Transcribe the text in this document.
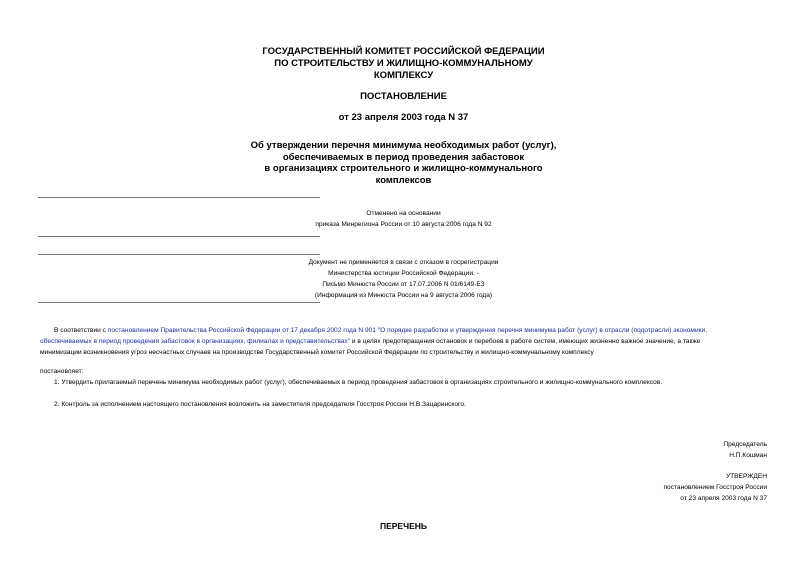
ГОСУДАРСТВЕННЫЙ КОМИТЕТ РОССИЙСКОЙ ФЕДЕРАЦИИ
ПО СТРОИТЕЛЬСТВУ И ЖИЛИЩНО-КОММУНАЛЬНОМУ
КОМПЛЕКСУ
ПОСТАНОВЛЕНИЕ
от 23 апреля 2003 года N 37
Об утверждении перечня минимума необходимых работ (услуг),
обеспечиваемых в период проведения забастовок
в организациях строительного и жилищно-коммунального
комплексов
Отменено на основании
приказа Минрегиона России от 10 августа 2006 года N 92
Документ не применяется в связи с отказом в госрегистрации
Министерства юстиции Российской Федерации. -
Письмо Минюста России от 17.07.2006 N 01/6149-ЕЗ
(Информация из Минюста России на 9 августа 2006 года)
В соответствии с постановлением Правительства Российской Федерации от 17 декабря 2002 года N 901 "О порядке разработки и утверждения перечня минимума работ (услуг) в отрасли (подотрасли) экономики,
обеспечиваемых в период проведения забастовок в организациях, филиалах и представительствах" и в целях предотвращения остановок и перебоев в работе систем, имеющих жизненно важное значение, а также
минимизации возникновения угроз несчастных случаев на производстве Государственный комитет Российской Федерации по строительству и жилищно-коммунальному комплексу
постановляет:
1. Утвердить прилагаемый перечень минимума необходимых работ (услуг), обеспечиваемых в период проведения забастовок в организациях строительного и жилищно-коммунального комплексов.
2. Контроль за исполнением настоящего постановления возложить на заместителя председателя Госстроя России Н.В.Зацаринского.
Председатель
Н.П.Кошман
УТВЕРЖДЕН
постановлением Госстроя России
от 23 апреля 2003 года N 37
ПЕРЕЧЕНЬ
